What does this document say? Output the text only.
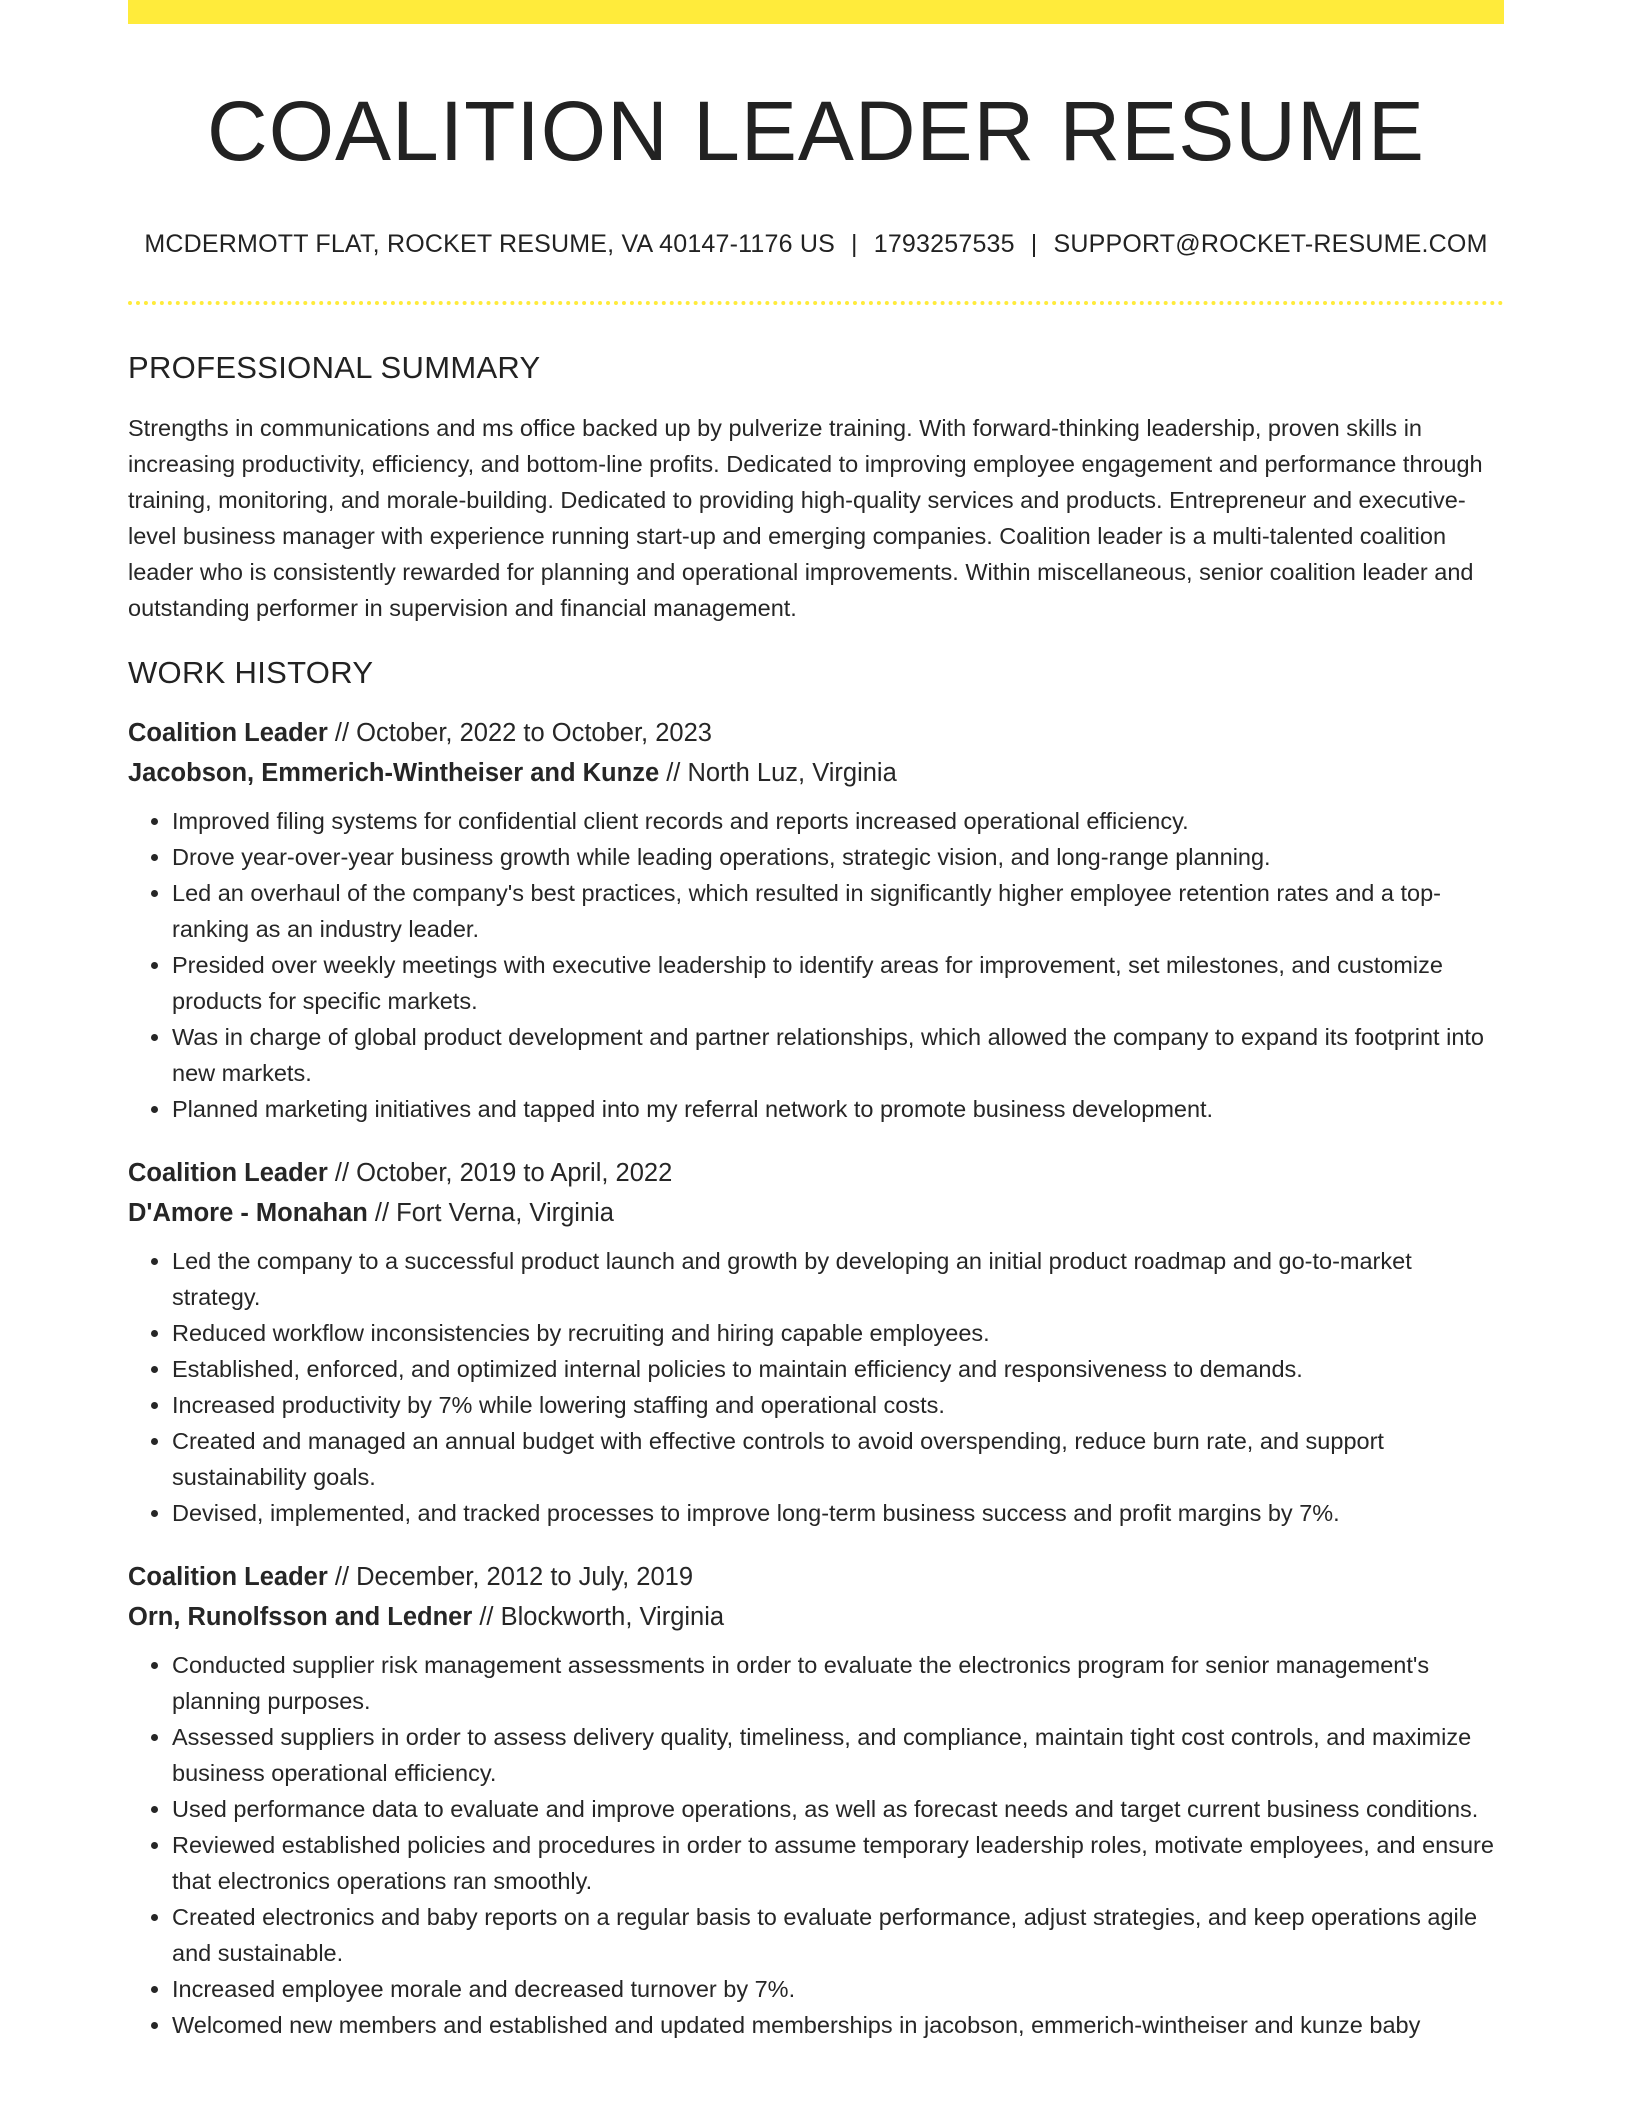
COALITION LEADER RESUME
MCDERMOTT FLAT, ROCKET RESUME, VA 40147-1176 US | 1793257535 | SUPPORT@ROCKET-RESUME.COM
PROFESSIONAL SUMMARY
Strengths in communications and ms office backed up by pulverize training. With forward-thinking leadership, proven skills in increasing productivity, efficiency, and bottom-line profits. Dedicated to improving employee engagement and performance through training, monitoring, and morale-building. Dedicated to providing high-quality services and products. Entrepreneur and executive-level business manager with experience running start-up and emerging companies. Coalition leader is a multi-talented coalition leader who is consistently rewarded for planning and operational improvements. Within miscellaneous, senior coalition leader and outstanding performer in supervision and financial management.
WORK HISTORY
Coalition Leader // October, 2022 to October, 2023
Jacobson, Emmerich-Wintheiser and Kunze // North Luz, Virginia
• Improved filing systems for confidential client records and reports increased operational efficiency.
• Drove year-over-year business growth while leading operations, strategic vision, and long-range planning.
• Led an overhaul of the company's best practices, which resulted in significantly higher employee retention rates and a top-ranking as an industry leader.
• Presided over weekly meetings with executive leadership to identify areas for improvement, set milestones, and customize products for specific markets.
• Was in charge of global product development and partner relationships, which allowed the company to expand its footprint into new markets.
• Planned marketing initiatives and tapped into my referral network to promote business development.
Coalition Leader // October, 2019 to April, 2022
D'Amore - Monahan // Fort Verna, Virginia
• Led the company to a successful product launch and growth by developing an initial product roadmap and go-to-market strategy.
• Reduced workflow inconsistencies by recruiting and hiring capable employees.
• Established, enforced, and optimized internal policies to maintain efficiency and responsiveness to demands.
• Increased productivity by 7% while lowering staffing and operational costs.
• Created and managed an annual budget with effective controls to avoid overspending, reduce burn rate, and support sustainability goals.
• Devised, implemented, and tracked processes to improve long-term business success and profit margins by 7%.
Coalition Leader // December, 2012 to July, 2019
Orn, Runolfsson and Ledner // Blockworth, Virginia
• Conducted supplier risk management assessments in order to evaluate the electronics program for senior management's planning purposes.
• Assessed suppliers in order to assess delivery quality, timeliness, and compliance, maintain tight cost controls, and maximize business operational efficiency.
• Used performance data to evaluate and improve operations, as well as forecast needs and target current business conditions.
• Reviewed established policies and procedures in order to assume temporary leadership roles, motivate employees, and ensure that electronics operations ran smoothly.
• Created electronics and baby reports on a regular basis to evaluate performance, adjust strategies, and keep operations agile and sustainable.
• Increased employee morale and decreased turnover by 7%.
• Welcomed new members and established and updated memberships in jacobson, emmerich-wintheiser and kunze baby
